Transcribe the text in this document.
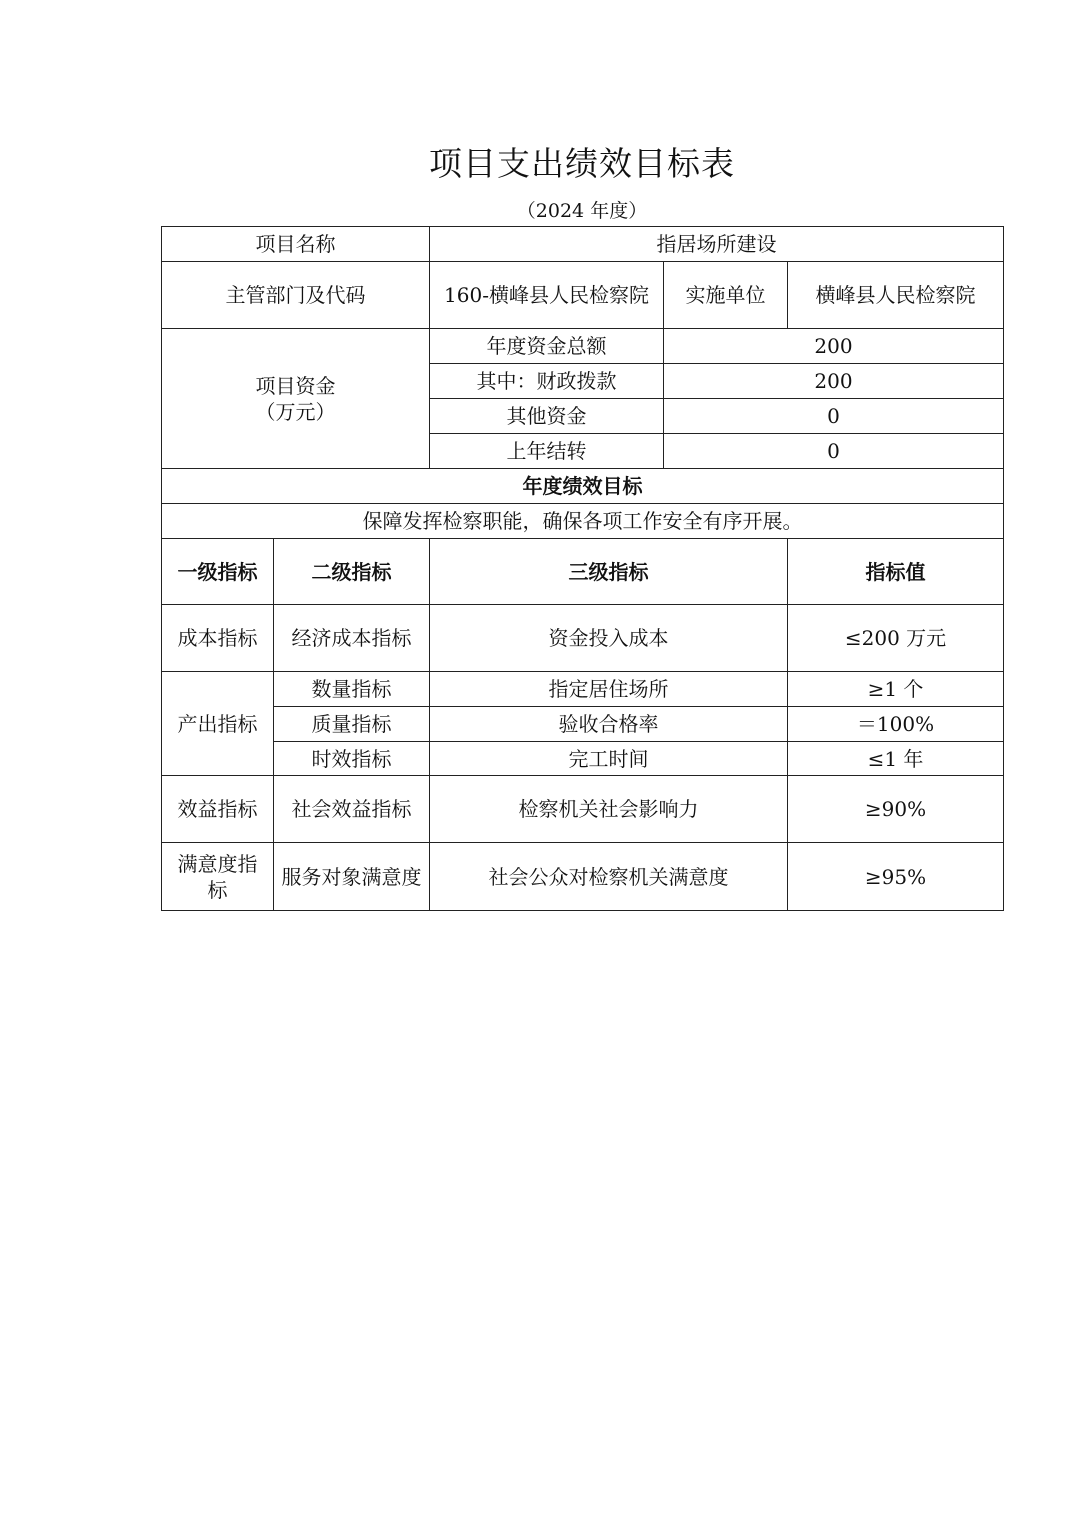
项目支出绩效目标表
（2024 年度）
项目名称		指居场所建设		
主管部门及代码		160-横峰县人民检察院	实施单位	横峰县人民检察院

项目资金
（万元）		年度资金总额	200	
		其中：财政拨款	200	
		其他资金	0	
		上年结转	0	
年度绩效目标				
保障发挥检察职能，确保各项工作安全有序开展。				
一级指标	二级指标	三级指标		指标值
成本指标	经济成本指标	资金投入成本		≤200 万元
产出指标	数量指标	指定居住场所		≥1 个
	质量指标	验收合格率		＝100%
	时效指标	完工时间		≤1 年
效益指标	社会效益指标	检察机关社会影响力		≥90%
满意度指标	服务对象满意度	社会公众对检察机关满意度		≥95%
